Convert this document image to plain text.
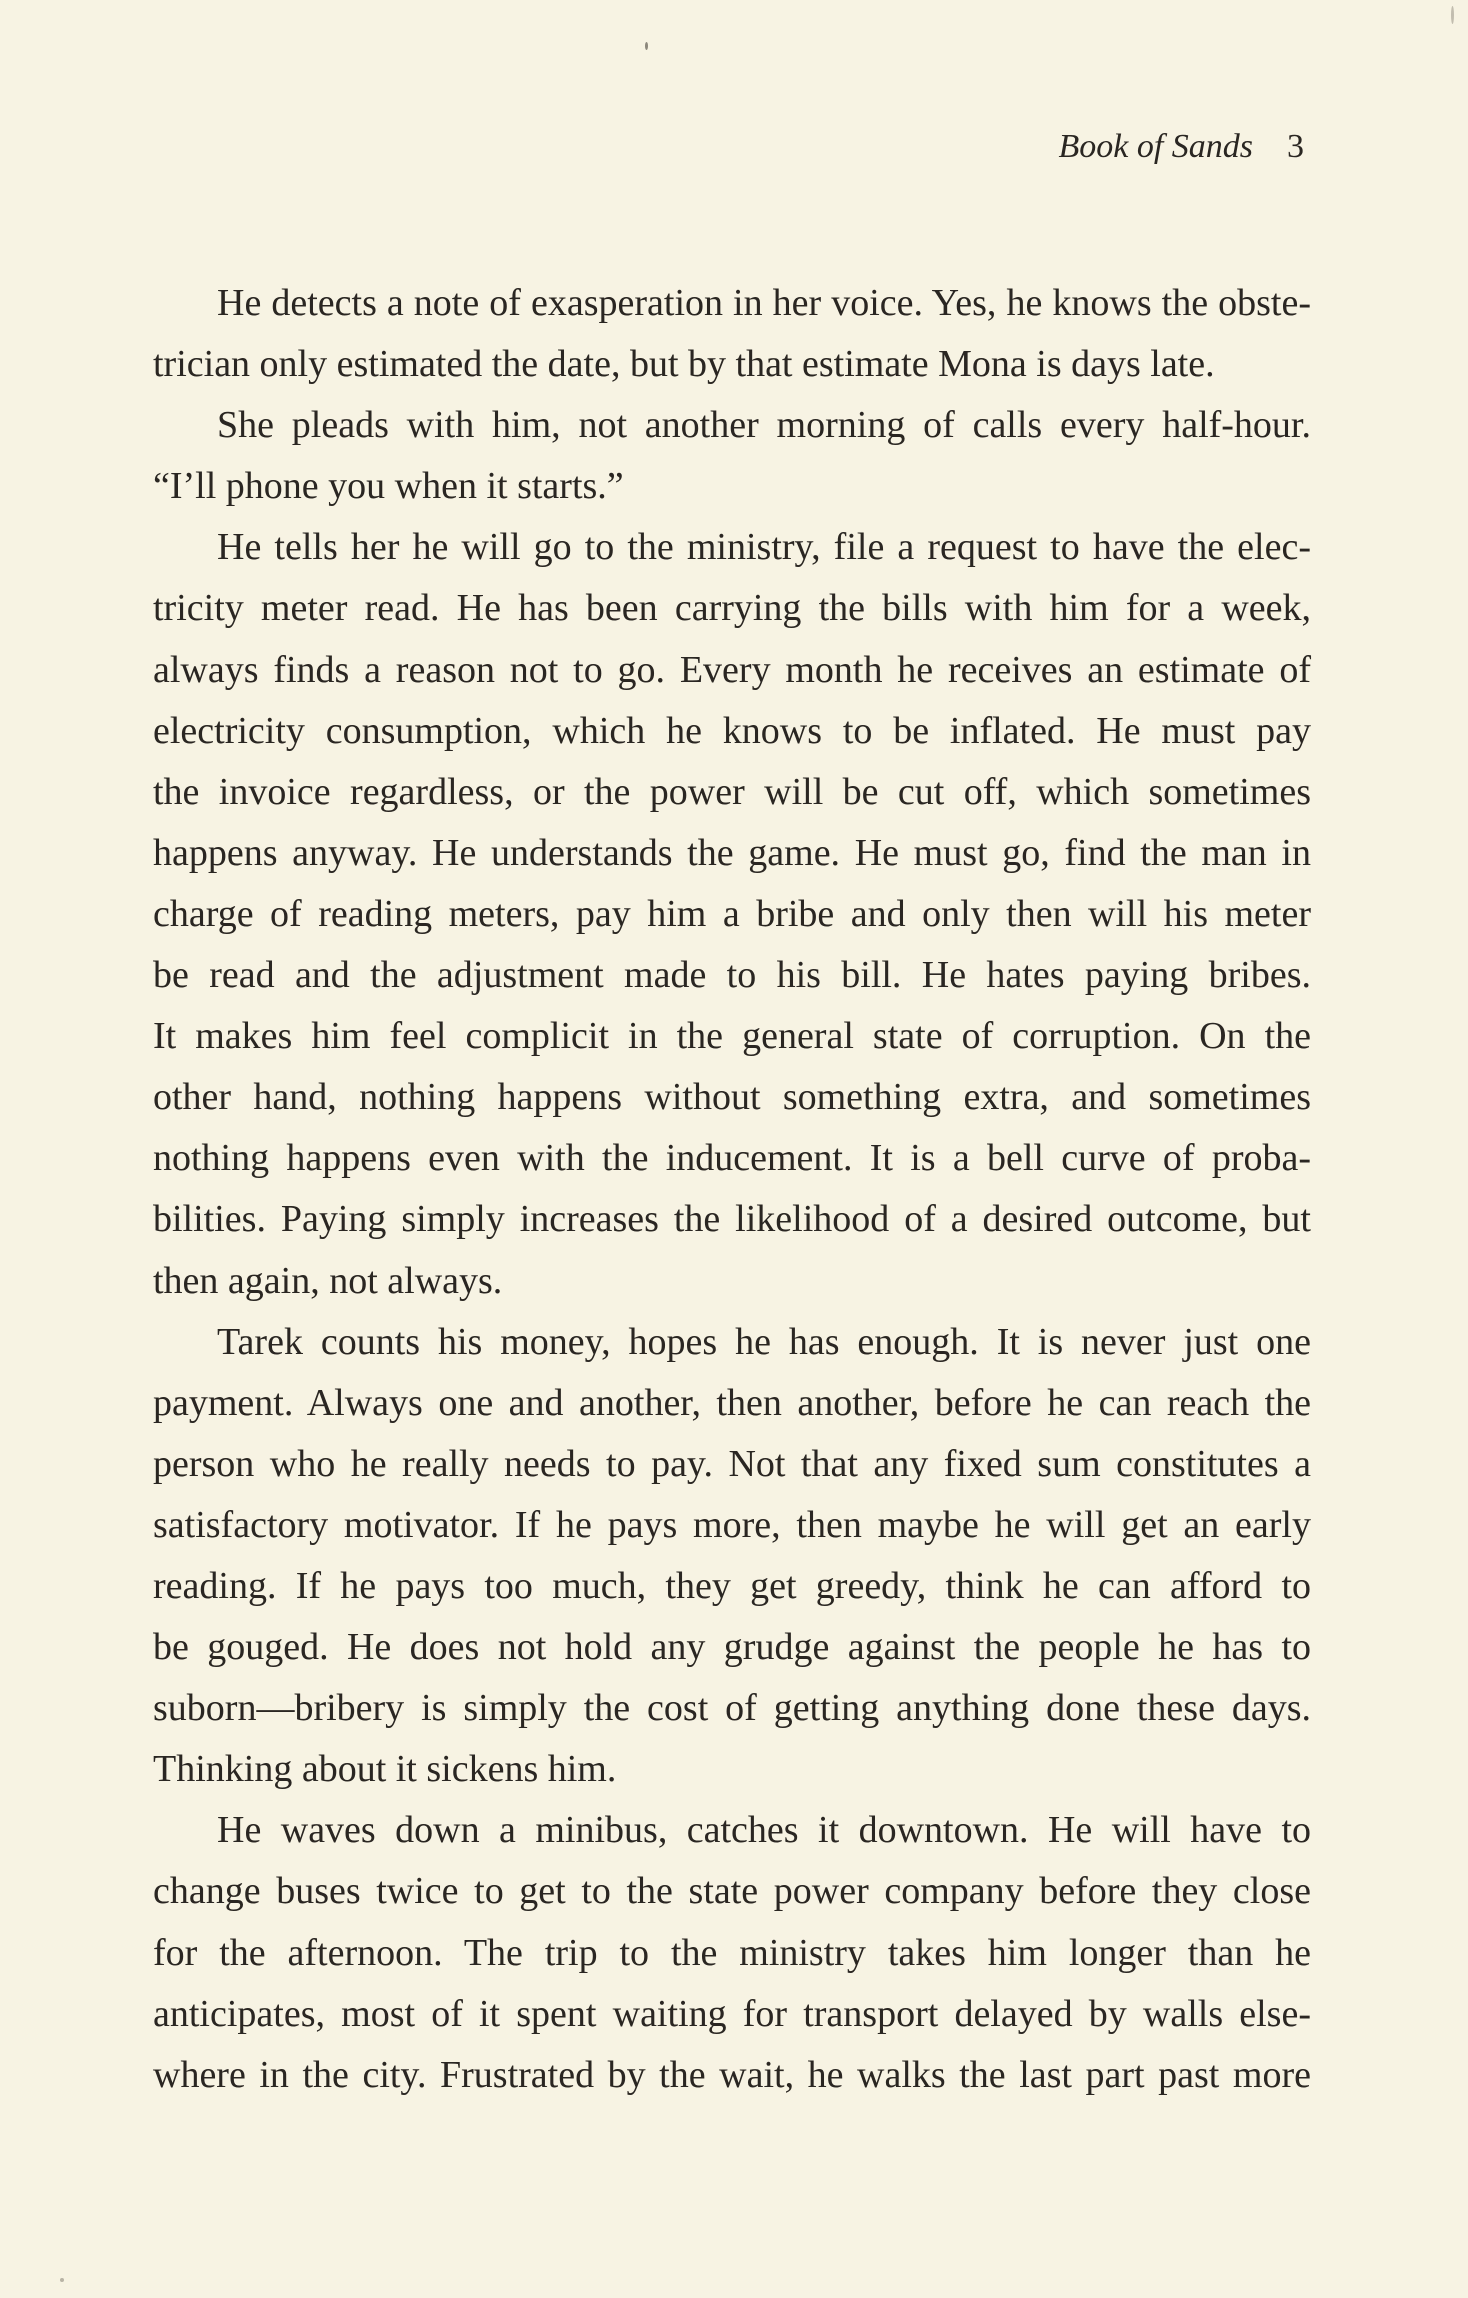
Book of Sands 3
He detects a note of exasperation in her voice. Yes, he knows the obste-
trician only estimated the date, but by that estimate Mona is days late.
She pleads with him, not another morning of calls every half-hour.
“I’ll phone you when it starts.”
He tells her he will go to the ministry, file a request to have the elec-
tricity meter read. He has been carrying the bills with him for a week,
always finds a reason not to go. Every month he receives an estimate of
electricity consumption, which he knows to be inflated. He must pay
the invoice regardless, or the power will be cut off, which sometimes
happens anyway. He understands the game. He must go, find the man in
charge of reading meters, pay him a bribe and only then will his meter
be read and the adjustment made to his bill. He hates paying bribes.
It makes him feel complicit in the general state of corruption. On the
other hand, nothing happens without something extra, and sometimes
nothing happens even with the inducement. It is a bell curve of proba-
bilities. Paying simply increases the likelihood of a desired outcome, but
then again, not always.
Tarek counts his money, hopes he has enough. It is never just one
payment. Always one and another, then another, before he can reach the
person who he really needs to pay. Not that any fixed sum constitutes a
satisfactory motivator. If he pays more, then maybe he will get an early
reading. If he pays too much, they get greedy, think he can afford to
be gouged. He does not hold any grudge against the people he has to
suborn—bribery is simply the cost of getting anything done these days.
Thinking about it sickens him.
He waves down a minibus, catches it downtown. He will have to
change buses twice to get to the state power company before they close
for the afternoon. The trip to the ministry takes him longer than he
anticipates, most of it spent waiting for transport delayed by walls else-
where in the city. Frustrated by the wait, he walks the last part past more
